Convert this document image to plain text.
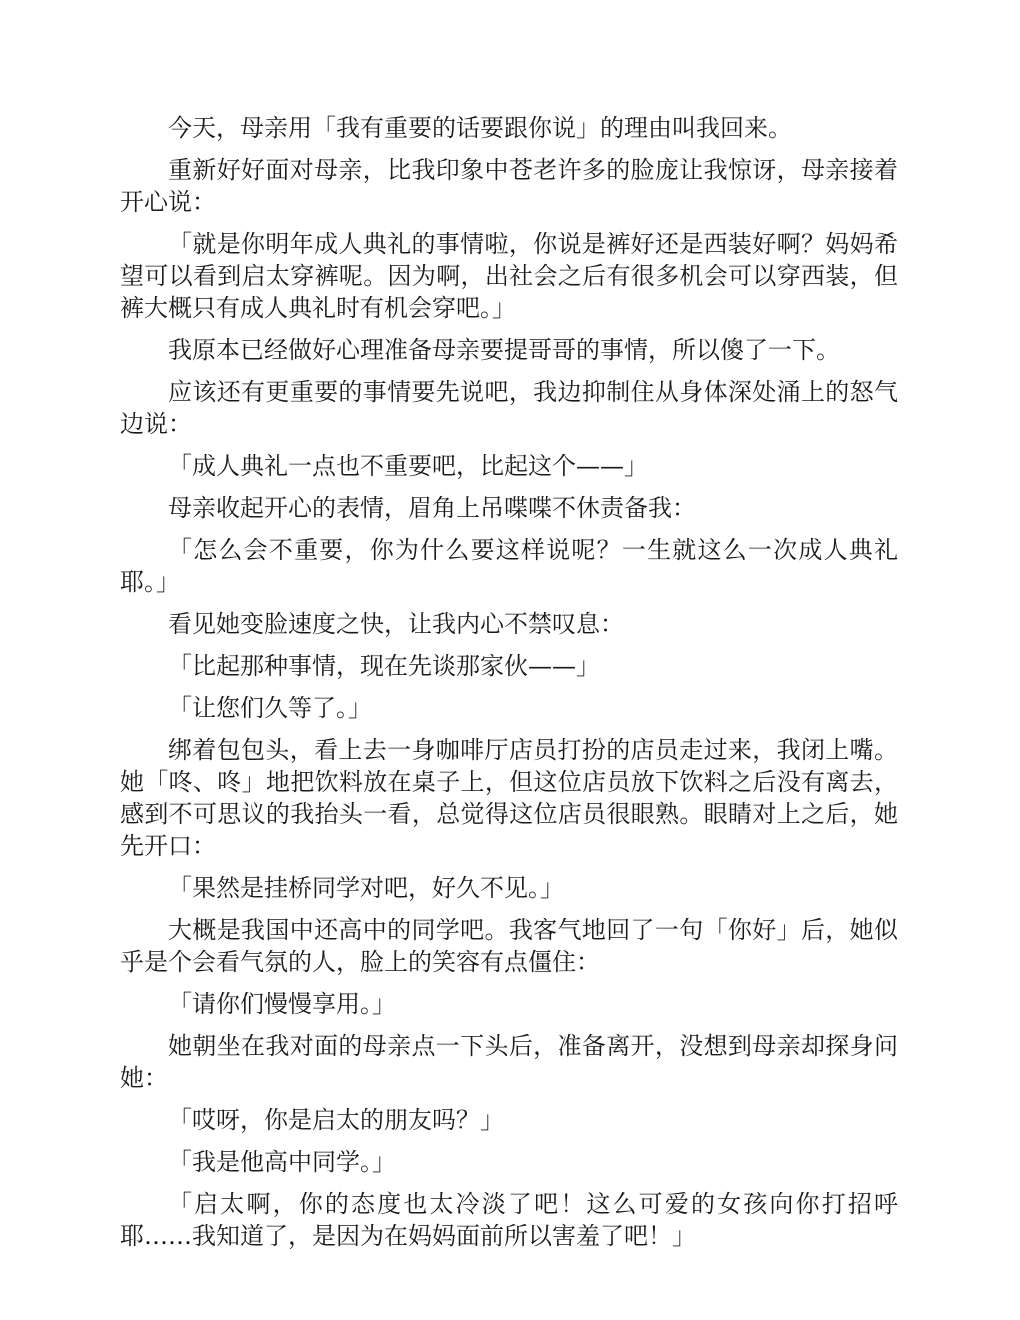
今天，母亲用「我有重要的话要跟你说」的理由叫我回来。

重新好好面对母亲，比我印象中苍老许多的脸庞让我惊讶，母亲接着开心说：

「就是你明年成人典礼的事情啦，你说是裤好还是西装好啊？妈妈希望可以看到启太穿裤呢。因为啊，出社会之后有很多机会可以穿西装，但裤大概只有成人典礼时有机会穿吧。」

我原本已经做好心理准备母亲要提哥哥的事情，所以傻了一下。

应该还有更重要的事情要先说吧，我边抑制住从身体深处涌上的怒气边说：

「成人典礼一点也不重要吧，比起这个——」

母亲收起开心的表情，眉角上吊喋喋不休责备我：

「怎么会不重要，你为什么要这样说呢？一生就这么一次成人典礼耶。」

看见她变脸速度之快，让我内心不禁叹息：

「比起那种事情，现在先谈那家伙——」

「让您们久等了。」

绑着包包头，看上去一身咖啡厅店员打扮的店员走过来，我闭上嘴。她「咚、咚」地把饮料放在桌子上，但这位店员放下饮料之后没有离去，感到不可思议的我抬头一看，总觉得这位店员很眼熟。眼睛对上之后，她先开口：

「果然是挂桥同学对吧，好久不见。」

大概是我国中还高中的同学吧。我客气地回了一句「你好」后，她似乎是个会看气氛的人，脸上的笑容有点僵住：

「请你们慢慢享用。」

她朝坐在我对面的母亲点一下头后，准备离开，没想到母亲却探身问她：

「哎呀，你是启太的朋友吗？」

「我是他高中同学。」

「启太啊，你的态度也太冷淡了吧！这么可爱的女孩向你打招呼耶……我知道了，是因为在妈妈面前所以害羞了吧！」
